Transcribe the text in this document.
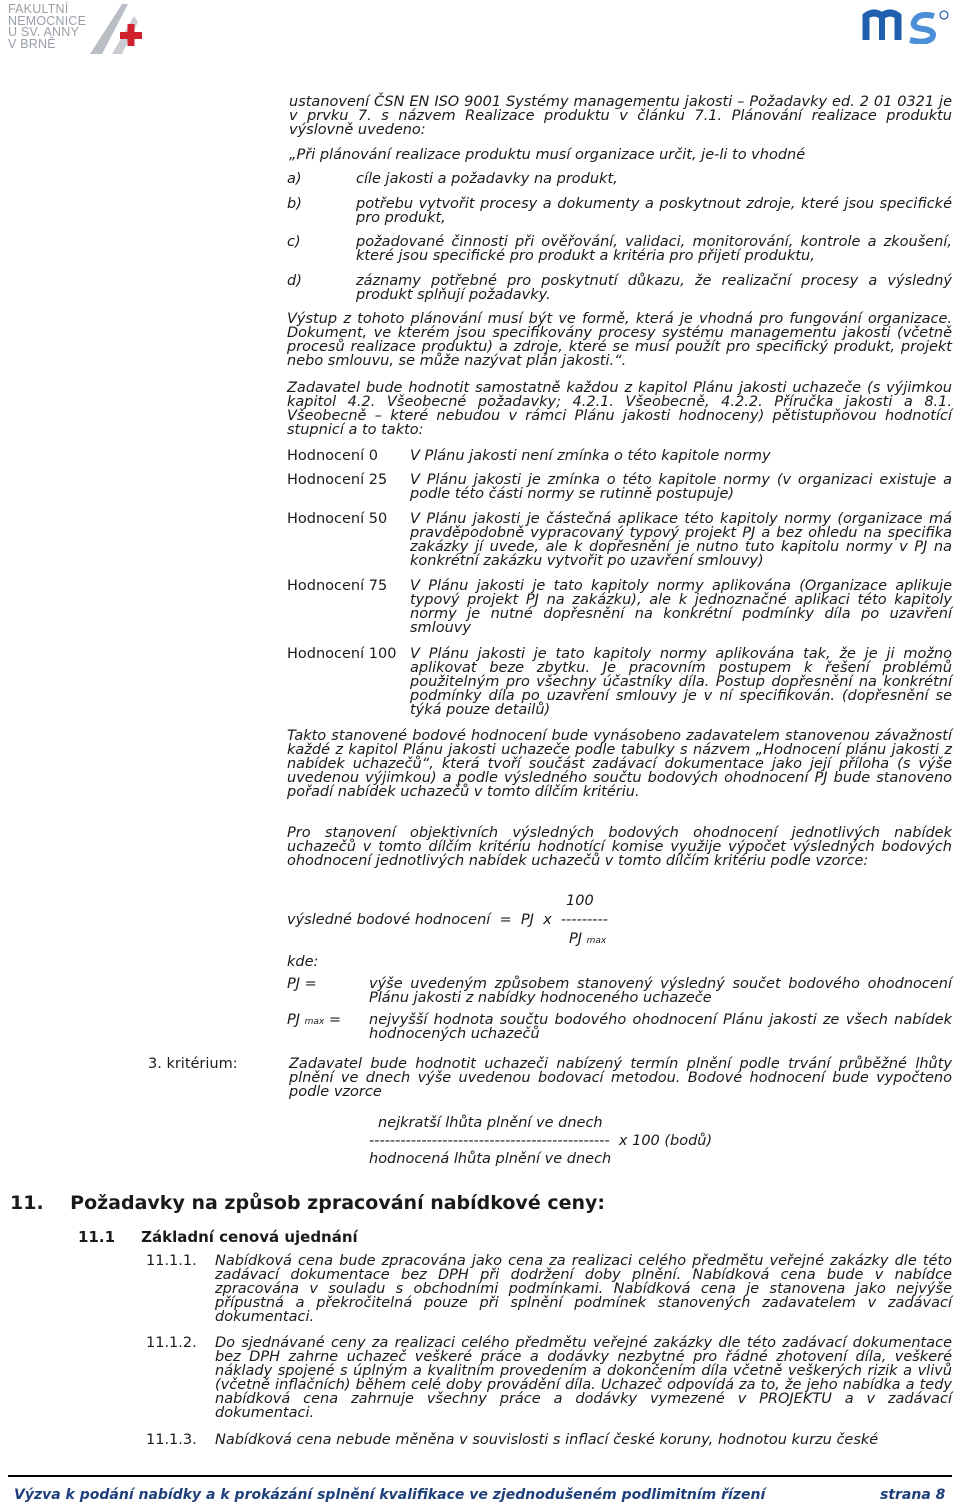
FAKULTNÍ
NEMOCNICE
U SV. ANNY
V BRNĚ
ustanovení ČSN EN ISO 9001 Systémy managementu jakosti – Požadavky ed. 2 01 0321 je v prvku 7. s názvem Realizace produktu v článku 7.1. Plánování realizace produktu výslovně uvedeno:
„Při plánování realizace produktu musí organizace určit, je-li to vhodné
a)	cíle jakosti a požadavky na produkt,
b)	potřebu vytvořit procesy a dokumenty a poskytnout zdroje, které jsou specifické pro produkt,
c)	požadované činnosti při ověřování, validaci, monitorování, kontrole a zkoušení, které jsou specifické pro produkt a kritéria pro přijetí produktu,
d)	záznamy potřebné pro poskytnutí důkazu, že realizační procesy a výsledný produkt splňují požadavky.
Výstup z tohoto plánování musí být ve formě, která je vhodná pro fungování organizace. Dokument, ve kterém jsou specifikovány procesy systému managementu jakosti (včetně procesů realizace produktu) a zdroje, které se musí použít pro specifický produkt, projekt nebo smlouvu, se může nazývat plán jakosti.“.
Zadavatel bude hodnotit samostatně každou z kapitol Plánu jakosti uchazeče (s výjimkou kapitol 4.2. Všeobecné požadavky; 4.2.1. Všeobecně, 4.2.2. Příručka jakosti a 8.1. Všeobecně – které nebudou v rámci Plánu jakosti hodnoceny) pětistupňovou hodnotící stupnicí a to takto:
Hodnocení 0 V Plánu jakosti není zmínka o této kapitole normy
Hodnocení 25 V Plánu jakosti je zmínka o této kapitole normy (v organizaci existuje a podle této části normy se rutinně postupuje)
Hodnocení 50 V Plánu jakosti je částečná aplikace této kapitoly normy (organizace má pravděpodobně vypracovaný typový projekt PJ a bez ohledu na specifika zakázky jí uvede, ale k dopřesnění je nutno tuto kapitolu normy v PJ na konkrétní zakázku vytvořit po uzavření smlouvy)
Hodnocení 75 V Plánu jakosti je tato kapitoly normy aplikována (Organizace aplikuje typový projekt PJ na zakázku), ale k jednoznačné aplikaci této kapitoly normy je nutné dopřesnění na konkrétní podmínky díla po uzavření smlouvy
Hodnocení 100 V Plánu jakosti je tato kapitoly normy aplikována tak, že je ji možno aplikovat beze zbytku. Je pracovním postupem k řešení problémů použitelným pro všechny účastníky díla. Postup dopřesnění na konkrétní podmínky díla po uzavření smlouvy je v ní specifikován. (dopřesnění se týká pouze detailů)
Takto stanovené bodové hodnocení bude vynásobeno zadavatelem stanovenou závažností každé z kapitol Plánu jakosti uchazeče podle tabulky s názvem „Hodnocení plánu jakosti z nabídek uchazečů“, která tvoří součást zadávací dokumentace jako její příloha (s výše uvedenou výjimkou) a podle výsledného součtu bodových ohodnocení PJ bude stanoveno pořadí nabídek uchazečů v tomto dílčím kritériu.
Pro stanovení objektivních výsledných bodových ohodnocení jednotlivých nabídek uchazečů v tomto dílčím kritériu hodnotící komise využije výpočet výsledných bodových ohodnocení jednotlivých nabídek uchazečů v tomto dílčím kritériu podle vzorce:
100
výsledné bodové hodnocení  =  PJ  x  ---------
PJ max
kde:
PJ =	výše uvedeným způsobem stanovený výsledný součet bodového ohodnocení Plánu jakosti z nabídky hodnoceného uchazeče
PJ max = nejvyšší hodnota součtu bodového ohodnocení Plánu jakosti ze všech nabídek hodnocených uchazečů
3. kritérium:	Zadavatel bude hodnotit uchazeči nabízený termín plnění podle trvání průběžné lhůty plnění ve dnech výše uvedenou bodovací metodou. Bodové hodnocení bude vypočteno podle vzorce
nejkratší lhůta plnění ve dnech
----------------------------------------------  x 100 (bodů)
hodnocená lhůta plnění ve dnech
11. Požadavky na způsob zpracování nabídkové ceny:
11.1 Základní cenová ujednání
11.1.1. Nabídková cena bude zpracována jako cena za realizaci celého předmětu veřejné zakázky dle této zadávací dokumentace bez DPH při dodržení doby plnění. Nabídková cena bude v nabídce zpracována v souladu s obchodními podmínkami. Nabídková cena je stanovena jako nejvýše přípustná a překročitelná pouze při splnění podmínek stanovených zadavatelem v zadávací dokumentaci.
11.1.2. Do sjednávané ceny za realizaci celého předmětu veřejné zakázky dle této zadávací dokumentace bez DPH zahrne uchazeč veškeré práce a dodávky nezbytné pro řádné zhotovení díla, veškeré náklady spojené s úplným a kvalitním provedením a dokončením díla včetně veškerých rizik a vlivů (včetně inflačních) během celé doby provádění díla. Uchazeč odpovídá za to, že jeho nabídka a tedy nabídková cena zahrnuje všechny práce a dodávky vymezené v PROJEKTU a v zadávací dokumentaci.
11.1.3. Nabídková cena nebude měněna v souvislosti s inflací české koruny, hodnotou kurzu české
Výzva k podání nabídky a k prokázání splnění kvalifikace ve zjednodušeném podlimitním řízení	strana 8
